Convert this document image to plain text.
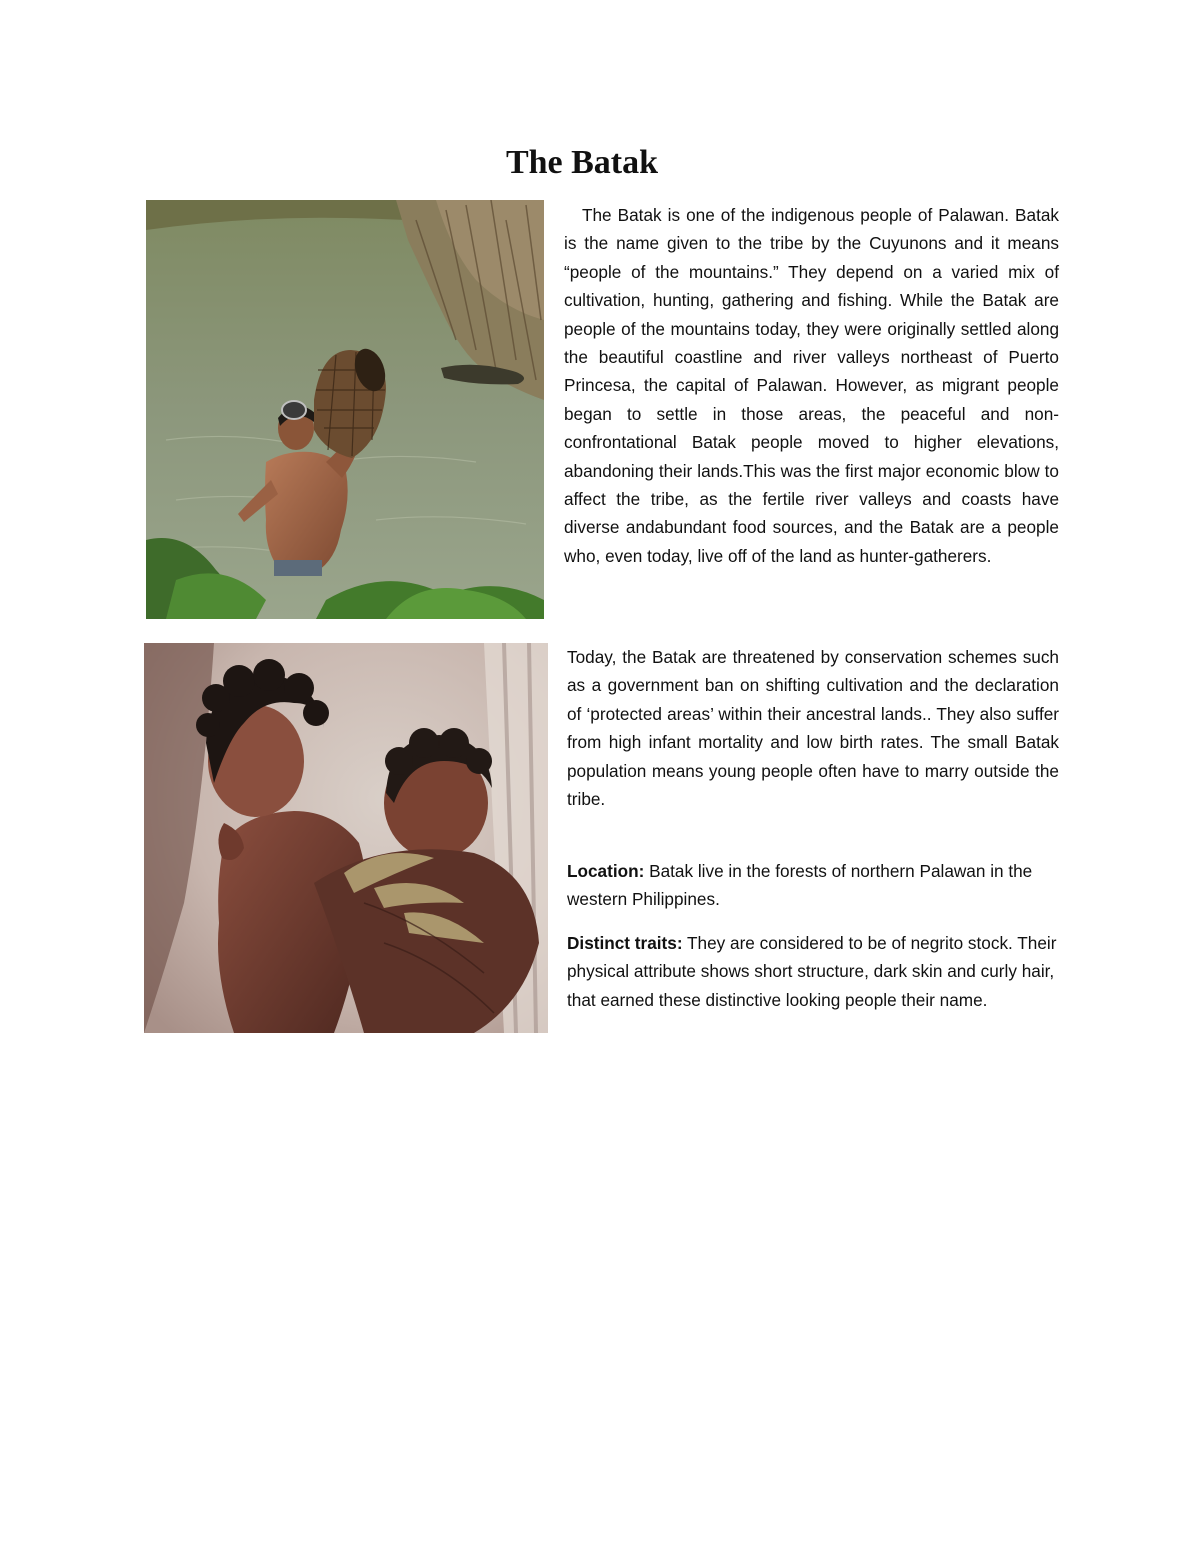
The Batak

The Batak is one of the indigenous people of Palawan. Batak is the name given to the tribe by the Cuyunons and it means “people of the mountains.” They depend on a varied mix of cultivation, hunting, gathering and fishing. While the Batak are people of the mountains today, they were originally settled along the beautiful coastline and river valleys northeast of Puerto Princesa, the capital of Palawan. However, as migrant people began to settle in those areas, the peaceful and non-confrontational Batak people moved to higher elevations, abandoning their lands.This was the first major economic blow to affect the tribe, as the fertile river valleys and coasts have diverse andabundant food sources, and the Batak are a people who, even today, live off of the land as hunter-gatherers.

Today, the Batak are threatened by conservation schemes such as a government ban on shifting cultivation and the declaration of ‘protected areas’ within their ancestral lands.. They also suffer from high infant mortality and low birth rates. The small Batak population means young people often have to marry outside the tribe.

Location: Batak live in the forests of northern Palawan in the western Philippines.

Distinct traits: They are considered to be of negrito stock. Their physical attribute shows short structure, dark skin and curly hair, that earned these distinctive looking people their name.
